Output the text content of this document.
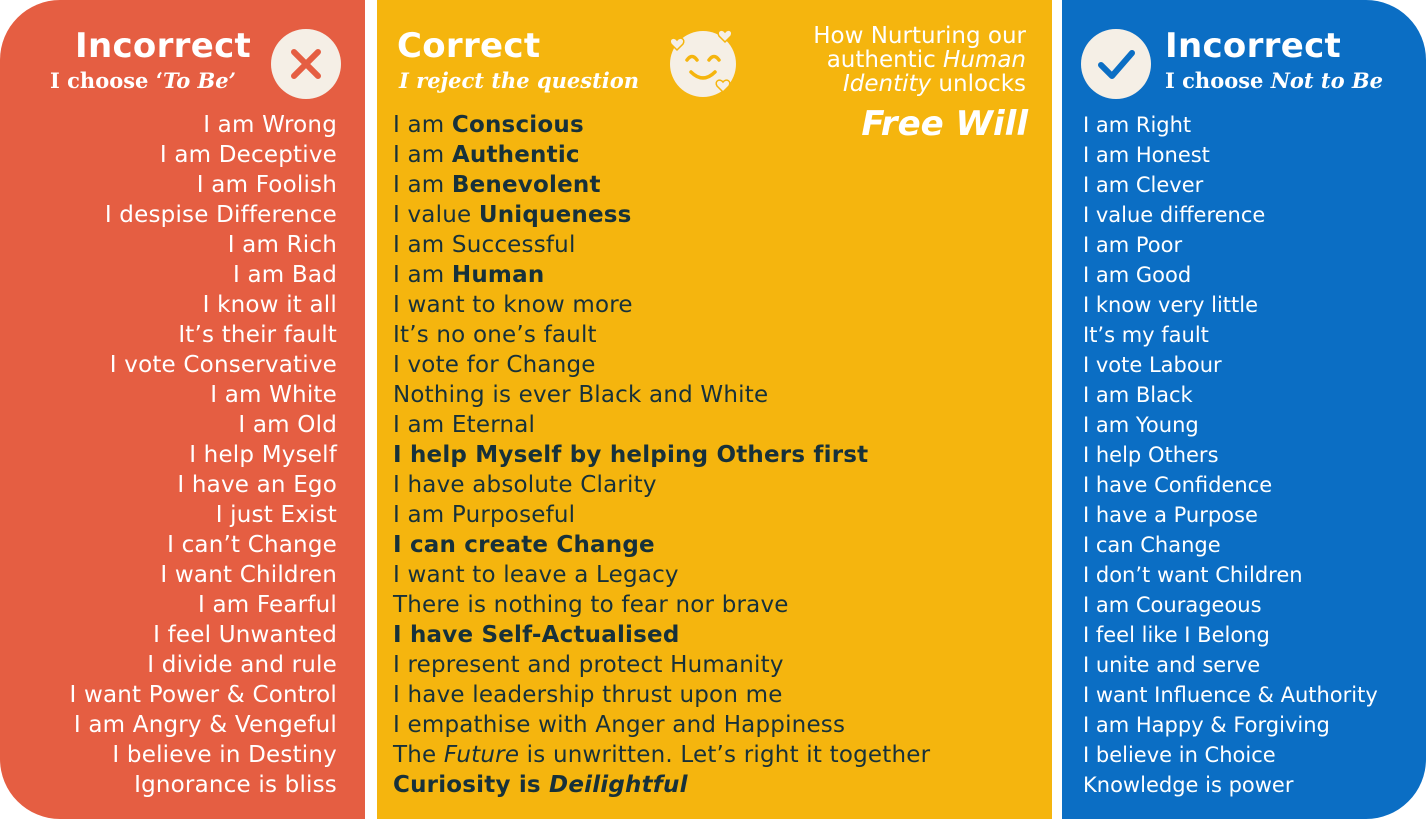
Incorrect
I choose ‘To Be’
I am Wrong
I am Deceptive
I am Foolish
I despise Difference
I am Rich
I am Bad
I know it all
It’s their fault
I vote Conservative
I am White
I am Old
I help Myself
I have an Ego
I just Exist
I can’t Change
I want Children
I am Fearful
I feel Unwanted
I divide and rule
I want Power & Control
I am Angry & Vengeful
I believe in Destiny
Ignorance is bliss
Correct
I reject the question
How Nurturing our
authentic Human
Identity unlocks
Free Will
I am Conscious
I am Authentic
I am Benevolent
I value Uniqueness
I am Successful
I am Human
I want to know more
It’s no one’s fault
I vote for Change
Nothing is ever Black and White
I am Eternal
I help Myself by helping Others first
I have absolute Clarity
I am Purposeful
I can create Change
I want to leave a Legacy
There is nothing to fear nor brave
I have Self-Actualised
I represent and protect Humanity
I have leadership thrust upon me
I empathise with Anger and Happiness
The Future is unwritten. Let’s right it together
Curiosity is Deilightful
Incorrect
I choose Not to Be
I am Right
I am Honest
I am Clever
I value difference
I am Poor
I am Good
I know very little
It’s my fault
I vote Labour
I am Black
I am Young
I help Others
I have Confidence
I have a Purpose
I can Change
I don’t want Children
I am Courageous
I feel like I Belong
I unite and serve
I want Influence & Authority
I am Happy & Forgiving
I believe in Choice
Knowledge is power
